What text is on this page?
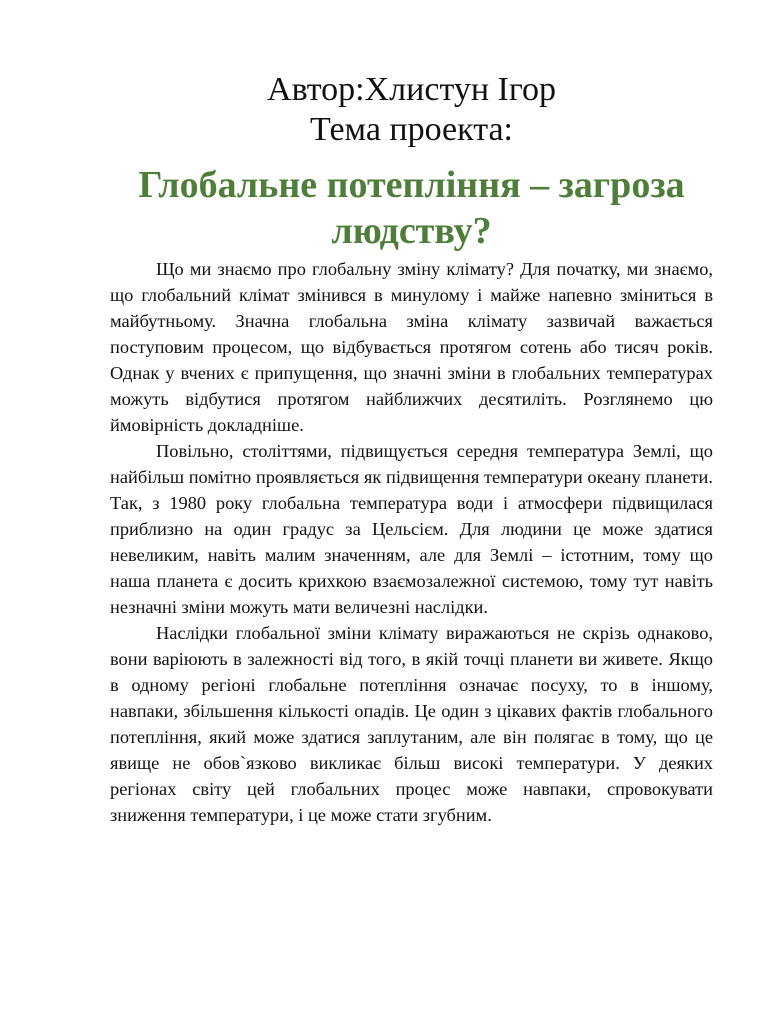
Автор:Хлистун Ігор
Тема проекта:
Глобальне потепління – загроза людству?

Що ми знаємо про глобальну зміну клімату? Для початку, ми знаємо, що глобальний клімат змінився в минулому і майже напевно зміниться в майбутньому. Значна глобальна зміна клімату зазвичай важається поступовим процесом, що відбувається протягом сотень або тисяч років. Однак у вчених є припущення, що значні зміни в глобальних температурах можуть відбутися протягом найближчих десятиліть. Розглянемо цю ймовірність докладніше.

Повільно, століттями, підвищується середня температура Землі, що найбільш помітно проявляється як підвищення температури океану планети. Так, з 1980 року глобальна температура води і атмосфери підвищилася приблизно на один градус за Цельсієм. Для людини це може здатися невеликим, навіть малим значенням, але для Землі – істотним, тому що наша планета є досить крихкою взаємозалежної системою, тому тут навіть незначні зміни можуть мати величезні наслідки.

Наслідки глобальної зміни клімату виражаються не скрізь однаково, вони варіюють в залежності від того, в якій точці планети ви живете. Якщо в одному регіоні глобальне потепління означає посуху, то в іншому, навпаки, збільшення кількості опадів. Це один з цікавих фактів глобального потепління, який може здатися заплутаним, але він полягає в тому, що це явище не обов`язково викликає більш високі температури. У деяких регіонах світу цей глобальних процес може навпаки, спровокувати зниження температури, і це може стати згубним.
